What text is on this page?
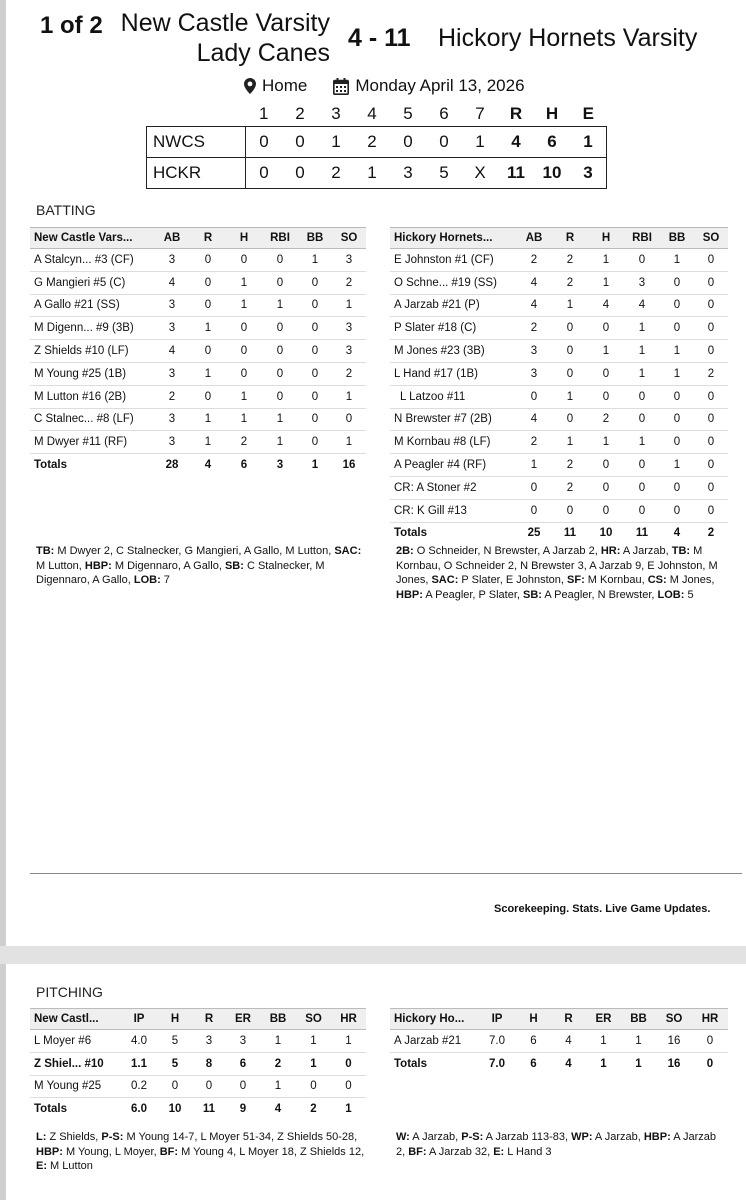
1 of 2 New Castle Varsity Lady Canes
4 - 11 Hickory Hornets Varsity
Home	Monday April 13, 2026
	1	2	3	4	5	6	7	R	H	E
NWCS	0	0	1	2	0	0	1	4	6	1
HCKR	0	0	2	1	3	5	X	11	10	3
BATTING
New Castle Vars...	AB	R	H	RBI	BB	SO
A Stalcyn... #3 (CF)	3	0	0	0	1	3
G Mangieri #5 (C)	4	0	1	0	0	2
A Gallo #21 (SS)	3	0	1	1	0	1
M Digenn... #9 (3B)	3	1	0	0	0	3
Z Shields #10 (LF)	4	0	0	0	0	3
M Young #25 (1B)	3	1	0	0	0	2
M Lutton #16 (2B)	2	0	1	0	0	1
C Stalnec... #8 (LF)	3	1	1	1	0	0
M Dwyer #11 (RF)	3	1	2	1	0	1
Totals	28	4	6	3	1	16
Hickory Hornets...	AB	R	H	RBI	BB	SO
E Johnston #1 (CF)	2	2	1	0	1	0
O Schne... #19 (SS)	4	2	1	3	0	0
A Jarzab #21 (P)	4	1	4	4	0	0
P Slater #18 (C)	2	0	0	1	0	0
M Jones #23 (3B)	3	0	1	1	1	0
L Hand #17 (1B)	3	0	0	1	1	2
L Latzoo #11	0	1	0	0	0	0
N Brewster #7 (2B)	4	0	2	0	0	0
M Kornbau #8 (LF)	2	1	1	1	0	0
A Peagler #4 (RF)	1	2	0	0	1	0
CR: A Stoner #2	0	2	0	0	0	0
CR: K Gill #13	0	0	0	0	0	0
Totals	25	11	10	11	4	2
TB: M Dwyer 2, C Stalnecker, G Mangieri, A Gallo, M Lutton, SAC: M Lutton, HBP: M Digennaro, A Gallo, SB: C Stalnecker, M Digennaro, A Gallo, LOB: 7
2B: O Schneider, N Brewster, A Jarzab 2, HR: A Jarzab, TB: M Kornbau, O Schneider 2, N Brewster 3, A Jarzab 9, E Johnston, M Jones, SAC: P Slater, E Johnston, SF: M Kornbau, CS: M Jones, HBP: A Peagler, P Slater, SB: A Peagler, N Brewster, LOB: 5
Scorekeeping. Stats. Live Game Updates.
PITCHING
New Castl...	IP	H	R	ER	BB	SO	HR
L Moyer #6	4.0	5	3	3	1	1	1
Z Shiel... #10	1.1	5	8	6	2	1	0
M Young #25	0.2	0	0	0	1	0	0
Totals	6.0	10	11	9	4	2	1
Hickory Ho...	IP	H	R	ER	BB	SO	HR
A Jarzab #21	7.0	6	4	1	1	16	0
Totals	7.0	6	4	1	1	16	0
L: Z Shields, P-S: M Young 14-7, L Moyer 51-34, Z Shields 50-28, HBP: M Young, L Moyer, BF: M Young 4, L Moyer 18, Z Shields 12, E: M Lutton
W: A Jarzab, P-S: A Jarzab 113-83, WP: A Jarzab, HBP: A Jarzab 2, BF: A Jarzab 32, E: L Hand 3
